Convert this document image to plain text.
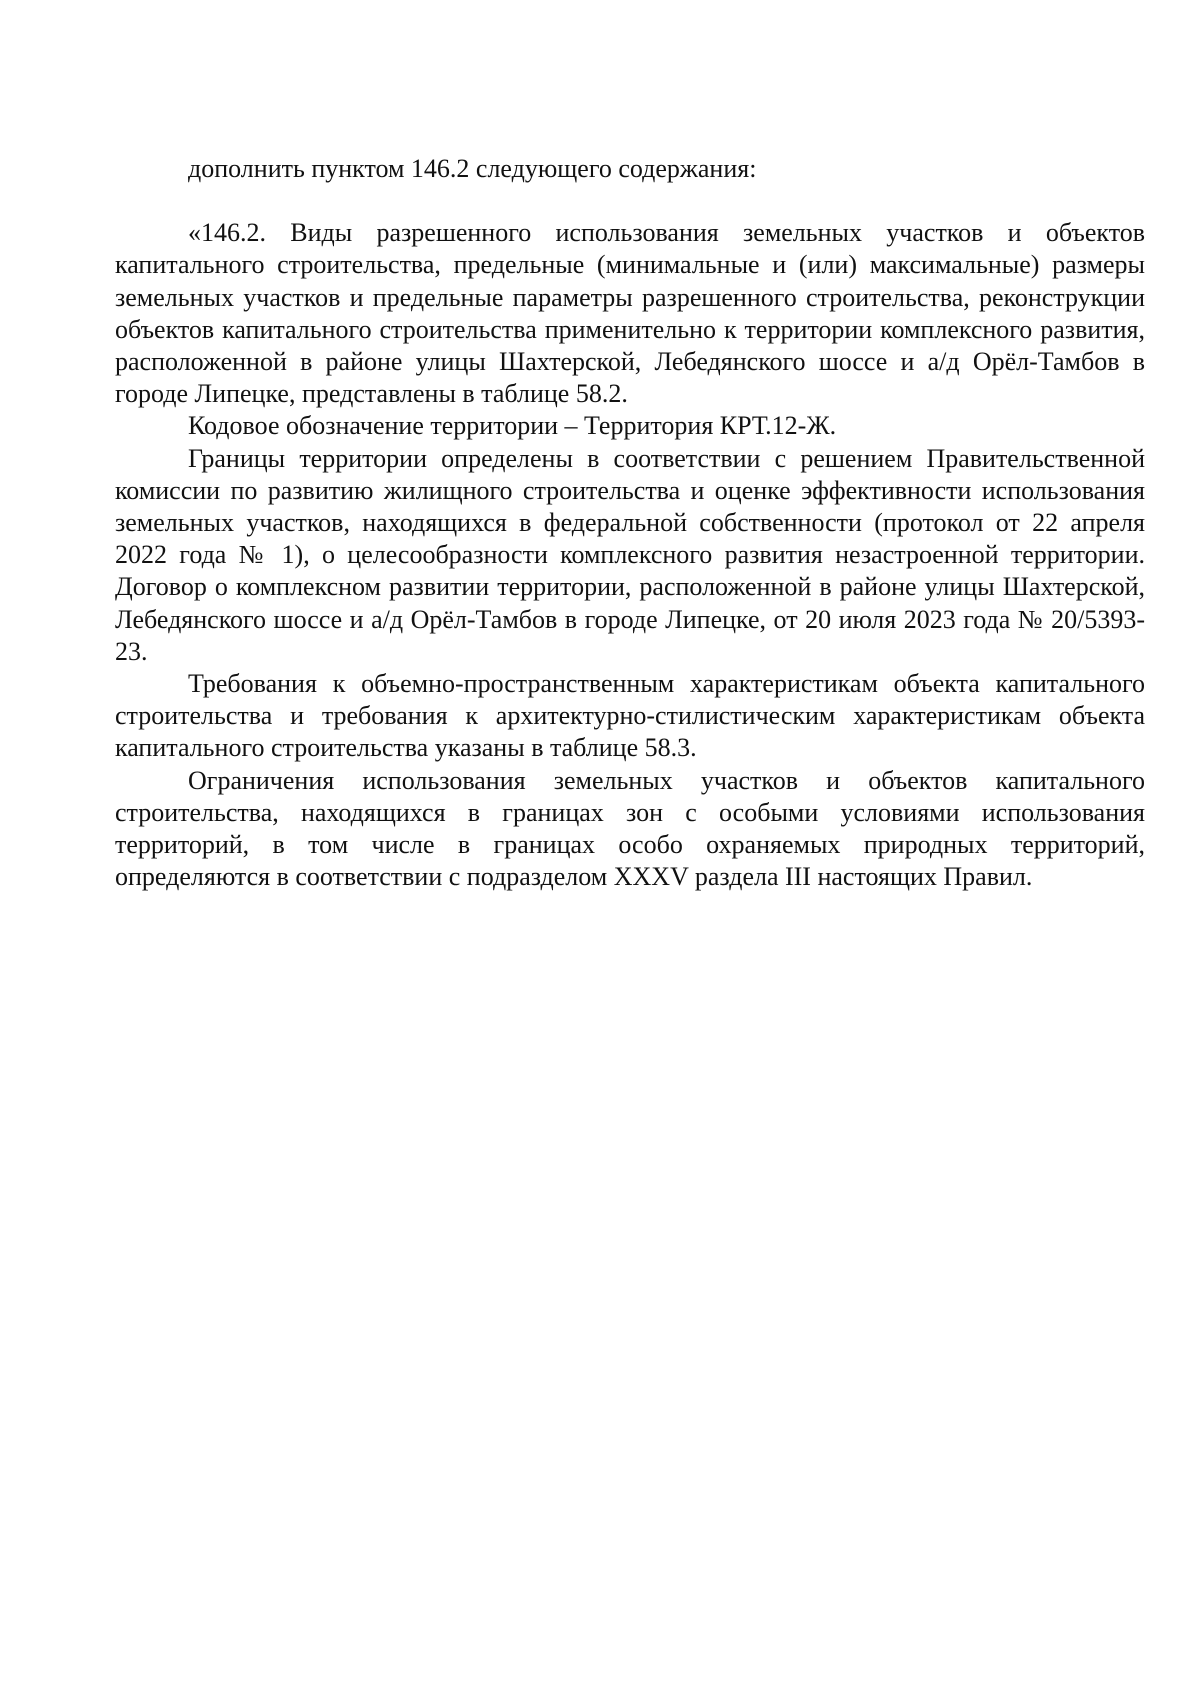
дополнить пунктом 146.2 следующего содержания:

«146.2. Виды разрешенного использования земельных участков и объектов капитального строительства, предельные (минимальные и (или) максимальные) размеры земельных участков и предельные параметры разрешенного строительства, реконструкции объектов капитального строительства применительно к территории комплексного развития, расположенной в районе улицы Шахтерской, Лебедянского шоссе и а/д Орёл-Тамбов в городе Липецке, представлены в таблице 58.2.

Кодовое обозначение территории – Территория КРТ.12-Ж.

Границы территории определены в соответствии с решением Правительственной комиссии по развитию жилищного строительства и оценке эффективности использования земельных участков, находящихся в федеральной собственности (протокол от 22 апреля 2022 года № 1), о целесообразности комплексного развития незастроенной территории. Договор о комплексном развитии территории, расположенной в районе улицы Шахтерской, Лебедянского шоссе и а/д Орёл-Тамбов в городе Липецке, от 20 июля 2023 года № 20/5393-23.

Требования к объемно-пространственным характеристикам объекта капитального строительства и требования к архитектурно-стилистическим характеристикам объекта капитального строительства указаны в таблице 58.3.

Ограничения использования земельных участков и объектов капитального строительства, находящихся в границах зон с особыми условиями использования территорий, в том числе в границах особо охраняемых природных территорий, определяются в соответствии с подразделом XXXV раздела III настоящих Правил.
